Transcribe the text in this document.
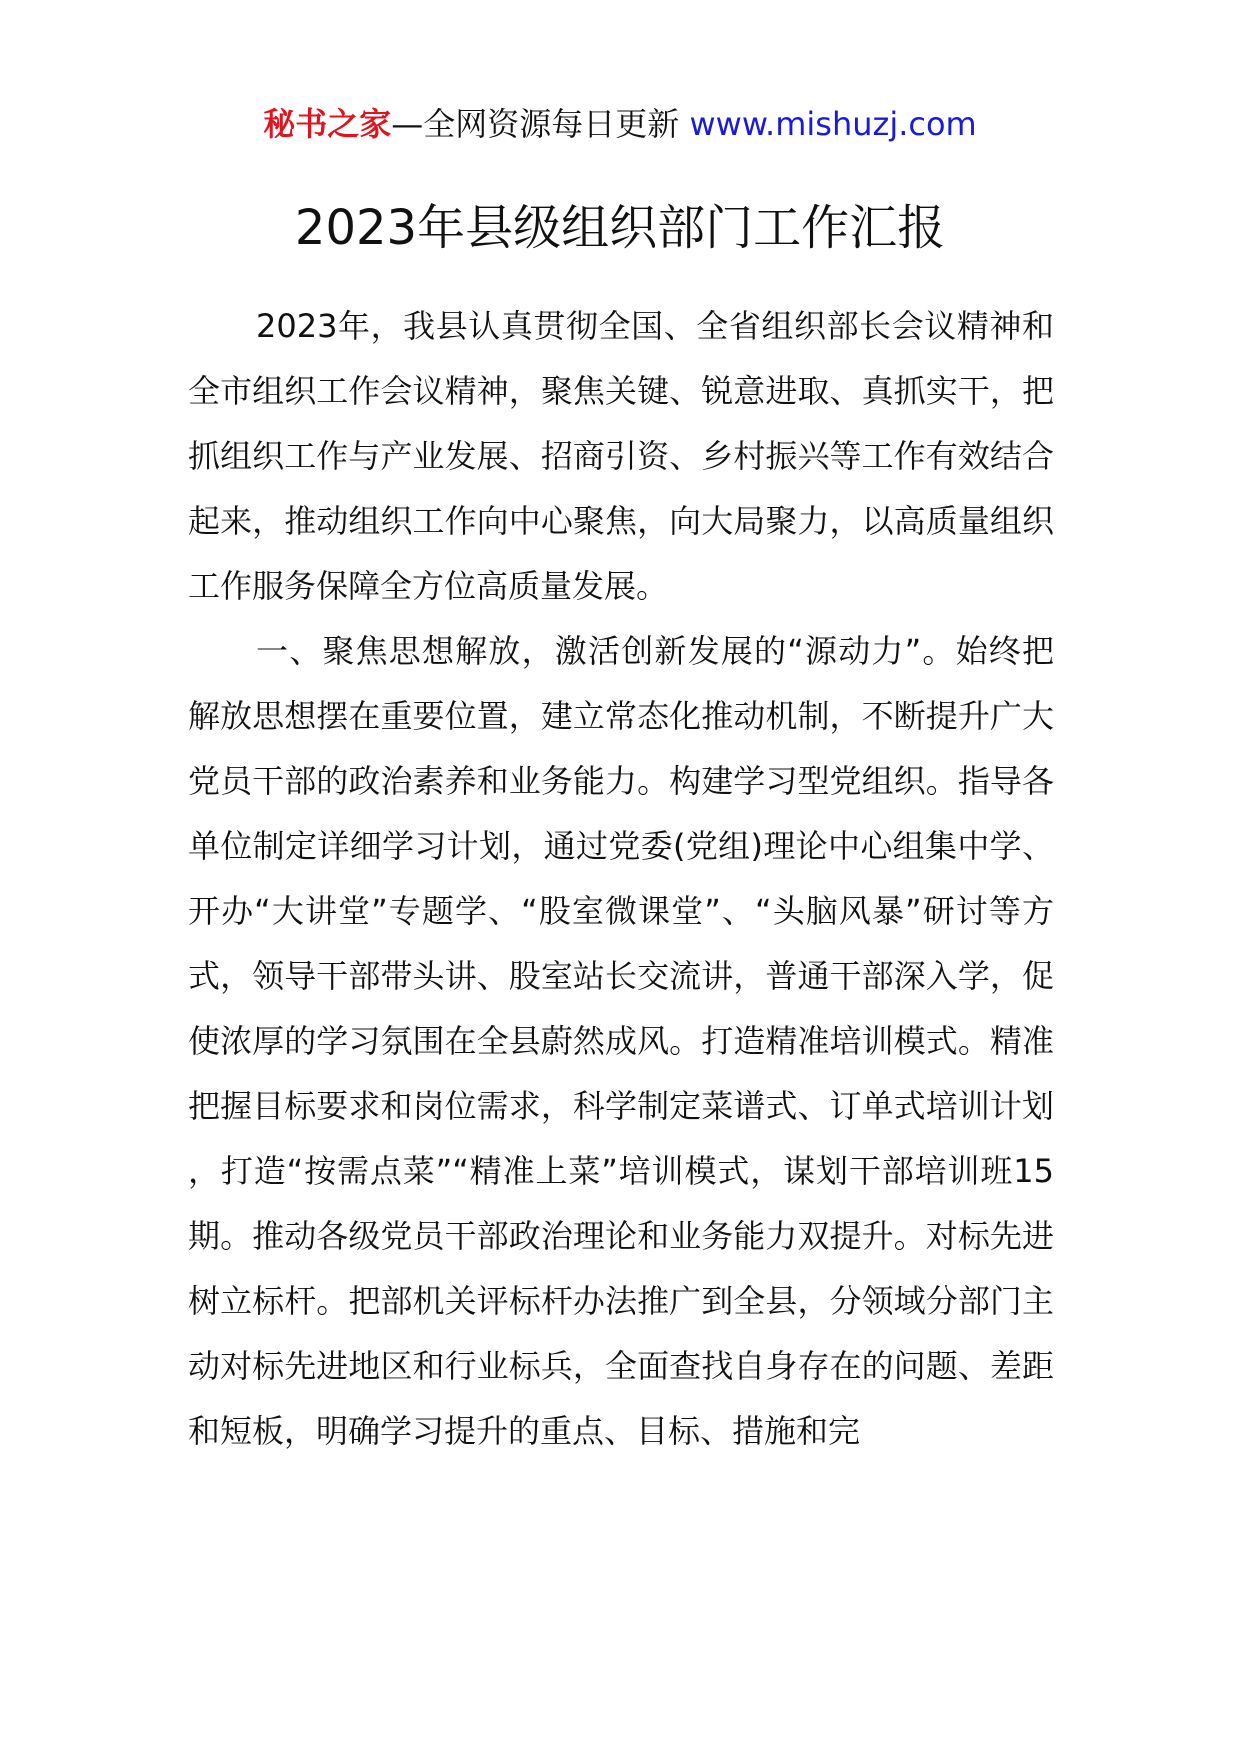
秘书之家—全网资源每日更新 www.mishuzj.com
2023年县级组织部门工作汇报

2023年，我县认真贯彻全国、全省组织部长会议精神和全市组织工作会议精神，聚焦关键、锐意进取、真抓实干，把抓组织工作与产业发展、招商引资、乡村振兴等工作有效结合起来，推动组织工作向中心聚焦，向大局聚力，以高质量组织工作服务保障全方位高质量发展。

一、聚焦思想解放，激活创新发展的“源动力”。始终把解放思想摆在重要位置，建立常态化推动机制，不断提升广大党员干部的政治素养和业务能力。构建学习型党组织。指导各单位制定详细学习计划，通过党委(党组)理论中心组集中学、开办“大讲堂”专题学、“股室微课堂”、“头脑风暴”研讨等方式，领导干部带头讲、股室站长交流讲，普通干部深入学，促使浓厚的学习氛围在全县蔚然成风。打造精准培训模式。精准把握目标要求和岗位需求，科学制定菜谱式、订单式培训计划，打造“按需点菜”“精准上菜”培训模式，谋划干部培训班15期。推动各级党员干部政治理论和业务能力双提升。对标先进树立标杆。把部机关评标杆办法推广到全县，分领域分部门主动对标先进地区和行业标兵，全面查找自身存在的问题、差距和短板，明确学习提升的重点、目标、措施和完
